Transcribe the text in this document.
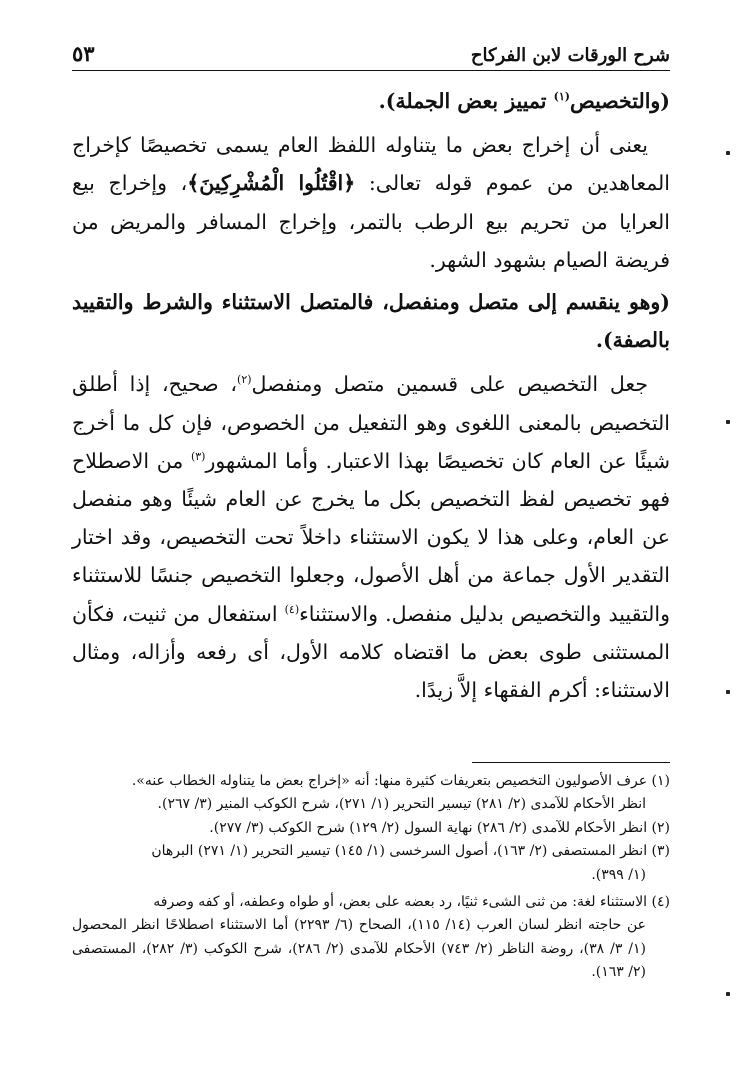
شرح الورقات لابن الفركاح
٥٣

(والتخصيص$^{(١)}$ تمييز بعض الجملة).

يعنى أن إخراج بعض ما يتناوله اللفظ العام يسمى تخصيصًا كإخراج المعاهدين من عموم قوله تعالى: ﴿اقْتُلُوا الْمُشْرِكِينَ﴾، وإخراج بيع العرايا من تحريم بيع الرطب بالتمر، وإخراج المسافر والمريض من فريضة الصيام بشهود الشهر.

(وهو ينقسم إلى متصل ومنفصل، فالمتصل الاستثناء والشرط والتقييد بالصفة).

جعل التخصيص على قسمين متصل ومنفصل$^{(٢)}$، صحيح، إذا أطلق التخصيص بالمعنى اللغوى وهو التفعيل من الخصوص، فإن كل ما أخرج شيئًا عن العام كان تخصيصًا بهذا الاعتبار. وأما المشهور$^{(٣)}$ من الاصطلاح فهو تخصيص لفظ التخصيص بكل ما يخرج عن العام شيئًا وهو منفصل عن العام، وعلى هذا لا يكون الاستثناء داخلاً تحت التخصيص، وقد اختار التقدير الأول جماعة من أهل الأصول، وجعلوا التخصيص جنسًا للاستثناء والتقييد والتخصيص بدليل منفصل. والاستثناء$^{(٤)}$ استفعال من ثنيت، فكأن المستثنى طوى بعض ما اقتضاه كلامه الأول، أى رفعه وأزاله، ومثال الاستثناء: أكرم الفقهاء إلاَّ زيدًا.

(١) عرف الأصوليون التخصيص بتعريفات كثيرة منها: أنه «إخراج بعض ما يتناوله الخطاب عنه».

انظر الأحكام للآمدى (٢/ ٢٨١) تيسير التحرير (١/ ٢٧١)، شرح الكوكب المنير (٣/ ٢٦٧).

(٢) انظر الأحكام للآمدى (٢/ ٢٨٦) نهاية السول (٢/ ١٢٩) شرح الكوكب (٣/ ٢٧٧).

(٣) انظر المستصفى (٢/ ١٦٣)، أصول السرخسى (١/ ١٤٥) تيسير التحرير (١/ ٢٧١) البرهان

(١/ ٣٩٩).

(٤) الاستثناء لغة: من ثنى الشىء ثنيًا، رد بعضه على بعض، أو طواه وعطفه، أو كفه وصرفه

عن حاجته انظر لسان العرب (١٤/ ١١٥)، الصحاح (٦/ ٢٢٩٣) أما الاستثناء اصطلاحًا انظر المحصول (١/ ٣/ ٣٨)، روضة الناظر (٢/ ٧٤٣) الأحكام للآمدى (٢/ ٢٨٦)، شرح الكوكب (٣/ ٢٨٢)، المستصفى (٢/ ١٦٣).
